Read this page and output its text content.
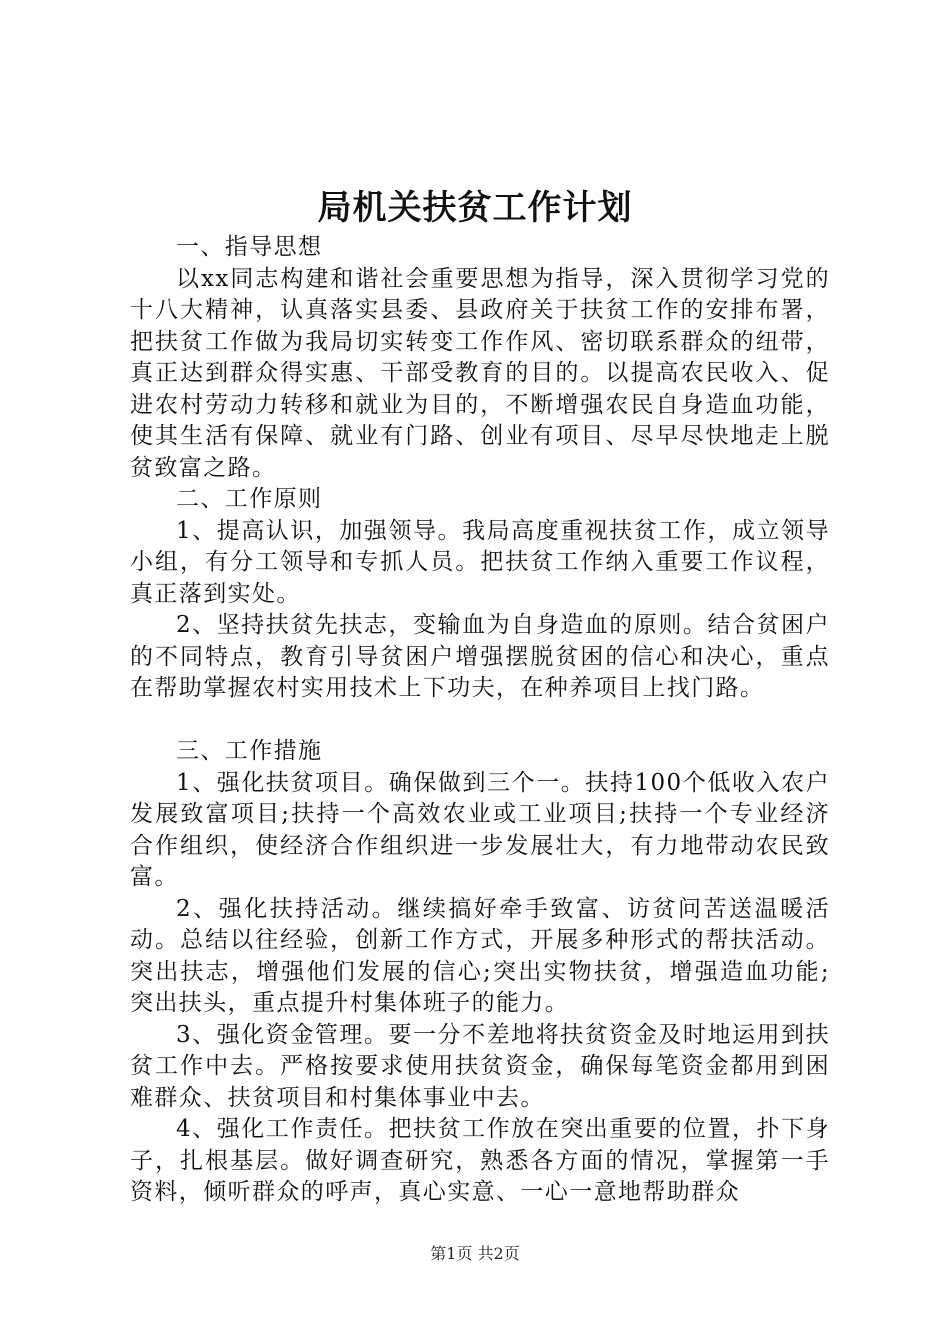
局机关扶贫工作计划

一、指导思想

以xx同志构建和谐社会重要思想为指导，深入贯彻学习党的十八大精神，认真落实县委、县政府关于扶贫工作的安排布署，把扶贫工作做为我局切实转变工作作风、密切联系群众的纽带，真正达到群众得实惠、干部受教育的目的。以提高农民收入、促进农村劳动力转移和就业为目的，不断增强农民自身造血功能，使其生活有保障、就业有门路、创业有项目、尽早尽快地走上脱贫致富之路。

二、工作原则

1、提高认识，加强领导。我局高度重视扶贫工作，成立领导小组，有分工领导和专抓人员。把扶贫工作纳入重要工作议程，真正落到实处。

2、坚持扶贫先扶志，变输血为自身造血的原则。结合贫困户的不同特点，教育引导贫困户增强摆脱贫困的信心和决心，重点在帮助掌握农村实用技术上下功夫，在种养项目上找门路。

三、工作措施

1、强化扶贫项目。确保做到三个一。扶持100个低收入农户发展致富项目;扶持一个高效农业或工业项目;扶持一个专业经济合作组织，使经济合作组织进一步发展壮大，有力地带动农民致富。

2、强化扶持活动。继续搞好牵手致富、访贫问苦送温暖活动。总结以往经验，创新工作方式，开展多种形式的帮扶活动。突出扶志，增强他们发展的信心;突出实物扶贫，增强造血功能;突出扶头，重点提升村集体班子的能力。

3、强化资金管理。要一分不差地将扶贫资金及时地运用到扶贫工作中去。严格按要求使用扶贫资金，确保每笔资金都用到困难群众、扶贫项目和村集体事业中去。

4、强化工作责任。把扶贫工作放在突出重要的位置，扑下身子，扎根基层。做好调查研究，熟悉各方面的情况，掌握第一手资料，倾听群众的呼声，真心实意、一心一意地帮助群众

第1页 共2页
